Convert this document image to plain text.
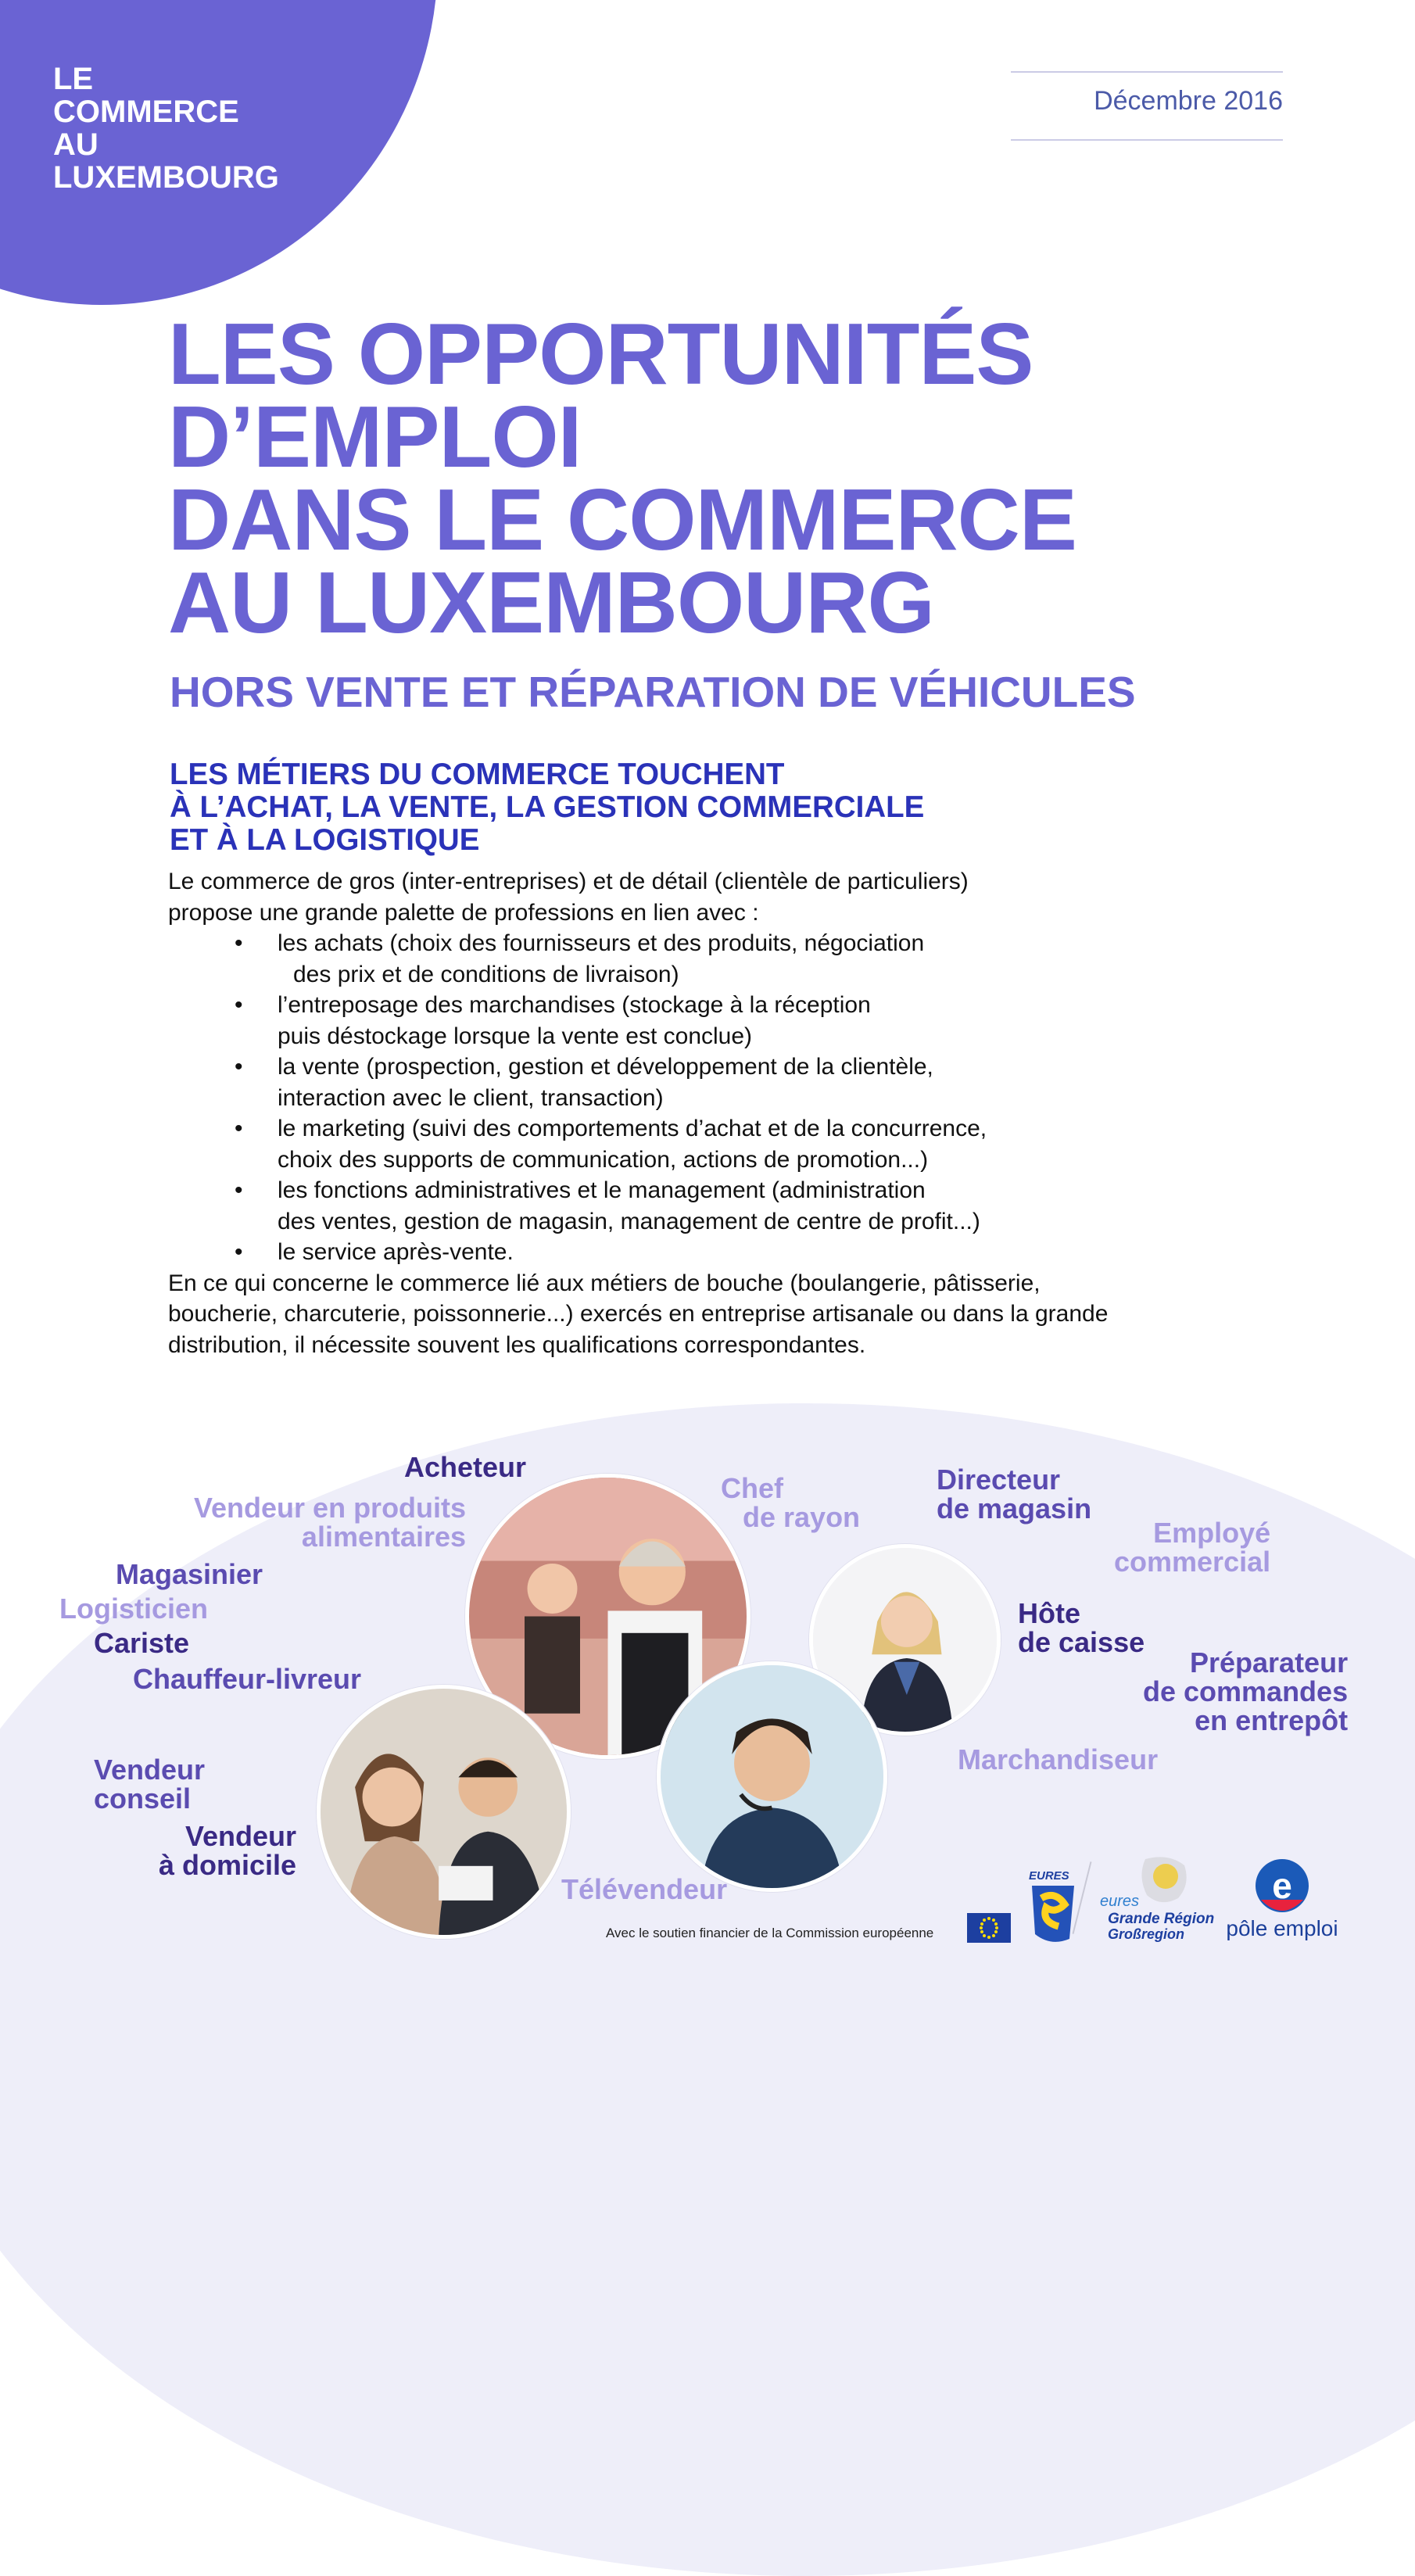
LE
COMMERCE
AU
LUXEMBOURG
Décembre 2016
LES OPPORTUNITÉS
D’EMPLOI
DANS LE COMMERCE
AU LUXEMBOURG
HORS VENTE ET RÉPARATION DE VÉHICULES
LES MÉTIERS DU COMMERCE TOUCHENT
À L’ACHAT, LA VENTE, LA GESTION COMMERCIALE
ET À LA LOGISTIQUE

Le commerce de gros (inter-entreprises) et de détail (clientèle de particuliers)

propose une grande palette de professions en lien avec :

• les achats (choix des fournisseurs et des produits, négociation
des prix et de conditions de livraison)
• l’entreposage des marchandises (stockage à la réception
puis déstockage lorsque la vente est conclue)
• la vente (prospection, gestion et développement de la clientèle,
interaction avec le client, transaction)
• le marketing (suivi des comportements d’achat et de la concurrence,
choix des supports de communication, actions de promotion...)
• les fonctions administratives et le management (administration
des ventes, gestion de magasin, management de centre de profit...)
• le service après-vente.

En ce qui concerne le commerce lié aux métiers de bouche (boulangerie, pâtisserie,

boucherie, charcuterie, poissonnerie...) exercés en entreprise artisanale ou dans la grande

distribution, il nécessite souvent les qualifications correspondantes.

Acheteur
Vendeur en produits
alimentaires
Chef
de rayon
Directeur
de magasin
Employé
commercial
Magasinier
Logisticien
Cariste
Chauffeur-livreur
Hôte
de caisse
Préparateur
de commandes
en entrepôt
Vendeur
conseil
Vendeur
à domicile
Marchandiseur
Télévendeur
Avec le soutien financier de la Commission européenne
EURES
eures
Grande Région
Großregion
e
pôle emploi
